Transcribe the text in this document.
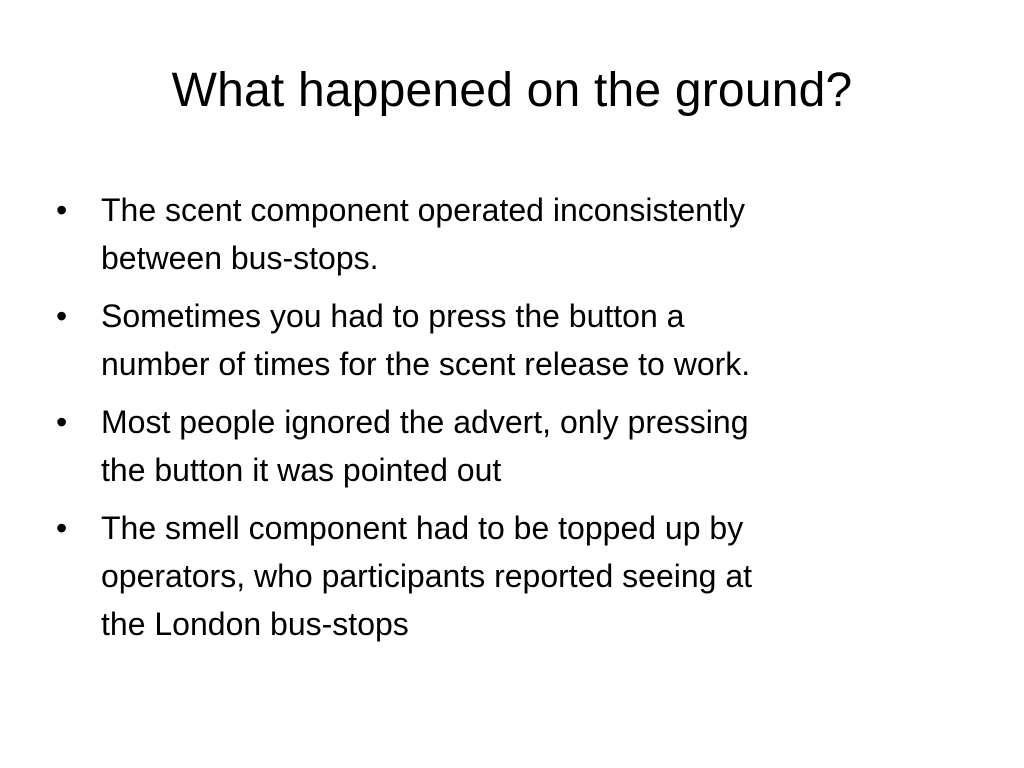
What happened on the ground?
•	The scent component operated inconsistently
between bus-stops.
•	Sometimes you had to press the button a
number of times for the scent release to work.
•	Most people ignored the advert, only pressing
the button it was pointed out
•	The smell component had to be topped up by
operators, who participants reported seeing at
the London bus-stops
